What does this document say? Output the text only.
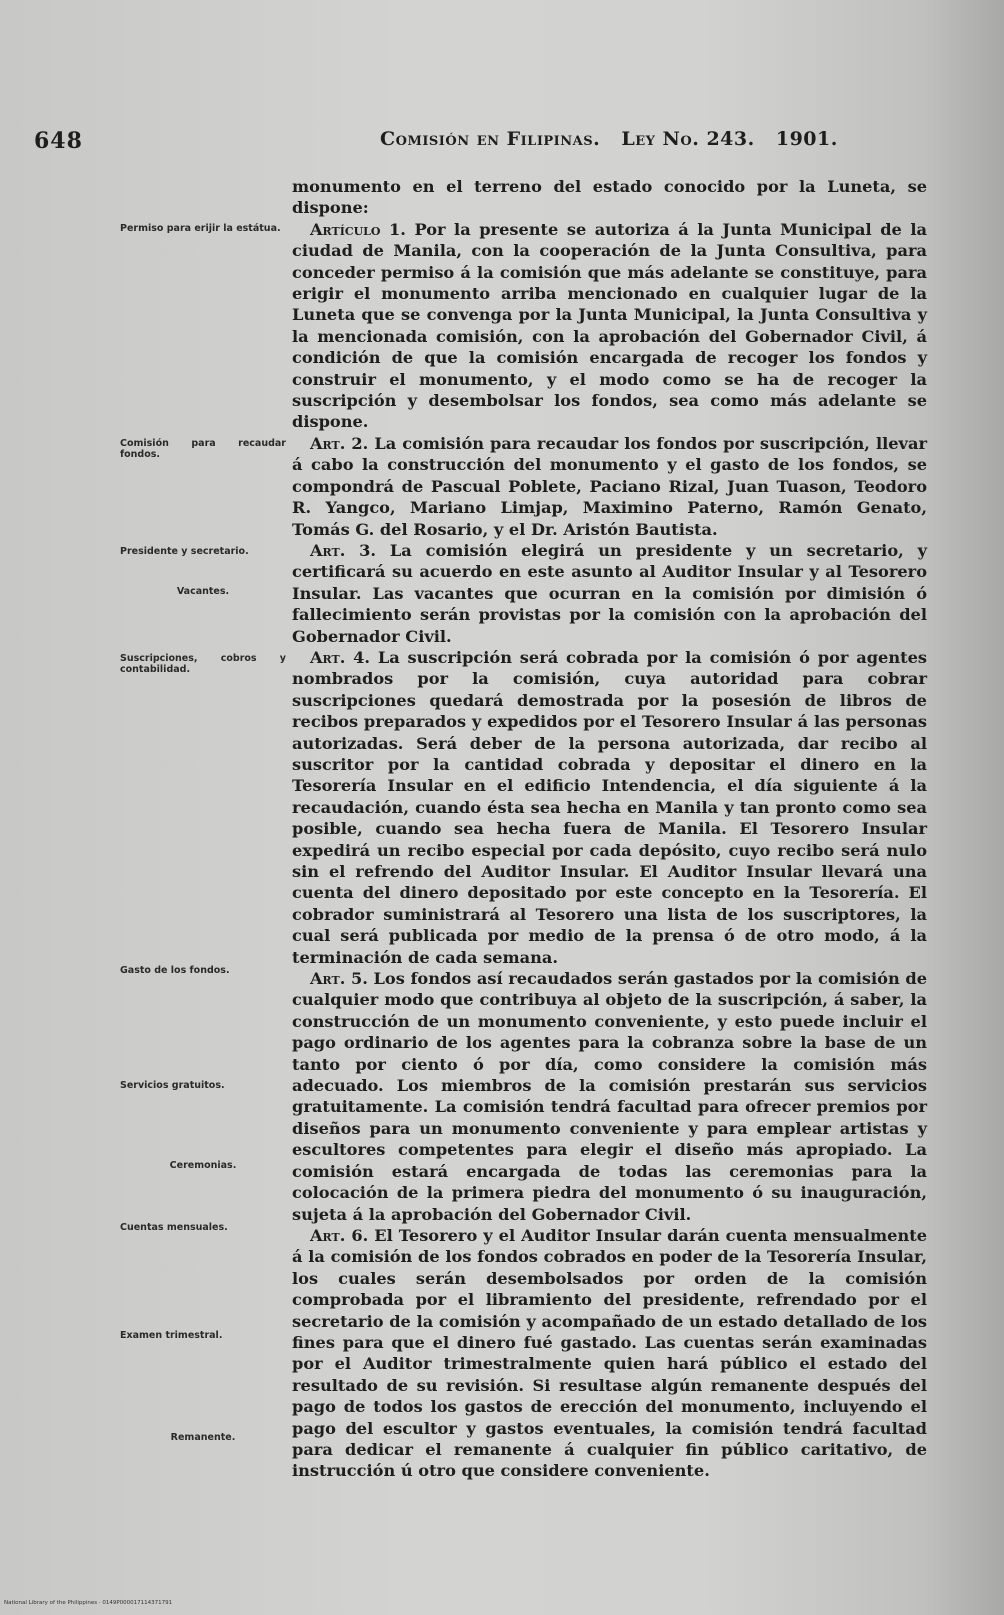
648	Comisión en Filipinas. Ley No. 243. 1901.
Permiso para erijir la estátua.
Comisión para recaudar fondos.
Presidente y secretario.
Vacantes.
Suscripciones, cobros y contabilidad.
Gasto de los fondos.
Servicios gratuitos.
Ceremonias.
Cuentas mensuales.
Examen trimestral.
Remanente.

monumento en el terreno del estado conocido por la Luneta, se dispone:

Artículo 1. Por la presente se autoriza á la Junta Municipal de la ciudad de Manila, con la cooperación de la Junta Consultiva, para conceder permiso á la comisión que más adelante se constituye, para erigir el monumento arriba mencionado en cualquier lugar de la Luneta que se convenga por la Junta Municipal, la Junta Consultiva y la mencionada comisión, con la aprobación del Gobernador Civil, á condición de que la comisión encargada de recoger los fondos y construir el monumento, y el modo como se ha de recoger la suscripción y desembolsar los fondos, sea como más adelante se dispone.

Art. 2. La comisión para recaudar los fondos por suscripción, llevar á cabo la construcción del monumento y el gasto de los fondos, se compondrá de Pascual Poblete, Paciano Rizal, Juan Tuason, Teodoro R. Yangco, Mariano Limjap, Maximino Paterno, Ramón Genato, Tomás G. del Rosario, y el Dr. Aristón Bautista.

Art. 3. La comisión elegirá un presidente y un secretario, y certificará su acuerdo en este asunto al Auditor Insular y al Tesorero Insular. Las vacantes que ocurran en la comisión por dimisión ó fallecimiento serán provistas por la comisión con la aprobación del Gobernador Civil.

Art. 4. La suscripción será cobrada por la comisión ó por agentes nombrados por la comisión, cuya autoridad para cobrar suscripciones quedará demostrada por la posesión de libros de recibos preparados y expedidos por el Tesorero Insular á las personas autorizadas. Será deber de la persona autorizada, dar recibo al suscritor por la cantidad cobrada y depositar el dinero en la Tesorería Insular en el edificio Intendencia, el día siguiente á la recaudación, cuando ésta sea hecha en Manila y tan pronto como sea posible, cuando sea hecha fuera de Manila. El Tesorero Insular expedirá un recibo especial por cada depósito, cuyo recibo será nulo sin el refrendo del Auditor Insular. El Auditor Insular llevará una cuenta del dinero depositado por este concepto en la Tesorería. El cobrador suministrará al Tesorero una lista de los suscriptores, la cual será publicada por medio de la prensa ó de otro modo, á la terminación de cada semana.

Art. 5. Los fondos así recaudados serán gastados por la comisión de cualquier modo que contribuya al objeto de la suscripción, á saber, la construcción de un monumento conveniente, y esto puede incluir el pago ordinario de los agentes para la cobranza sobre la base de un tanto por ciento ó por día, como considere la comisión más adecuado. Los miembros de la comisión prestarán sus servicios gratuitamente. La comisión tendrá facultad para ofrecer premios por diseños para un monumento conveniente y para emplear artistas y escultores competentes para elegir el diseño más apropiado. La comisión estará encargada de todas las ceremonias para la colocación de la primera piedra del monumento ó su inauguración, sujeta á la aprobación del Gobernador Civil.

Art. 6. El Tesorero y el Auditor Insular darán cuenta mensualmente á la comisión de los fondos cobrados en poder de la Tesorería Insular, los cuales serán desembolsados por orden de la comisión comprobada por el libramiento del presidente, refrendado por el secretario de la comisión y acompañado de un estado detallado de los fines para que el dinero fué gastado. Las cuentas serán examinadas por el Auditor trimestralmente quien hará público el estado del resultado de su revisión. Si resultase algún remanente después del pago de todos los gastos de erección del monumento, incluyendo el pago del escultor y gastos eventuales, la comisión tendrá facultad para dedicar el remanente á cualquier fin público caritativo, de instrucción ú otro que considere conveniente.

National Library of the Philippines · 0149P000017114371791
